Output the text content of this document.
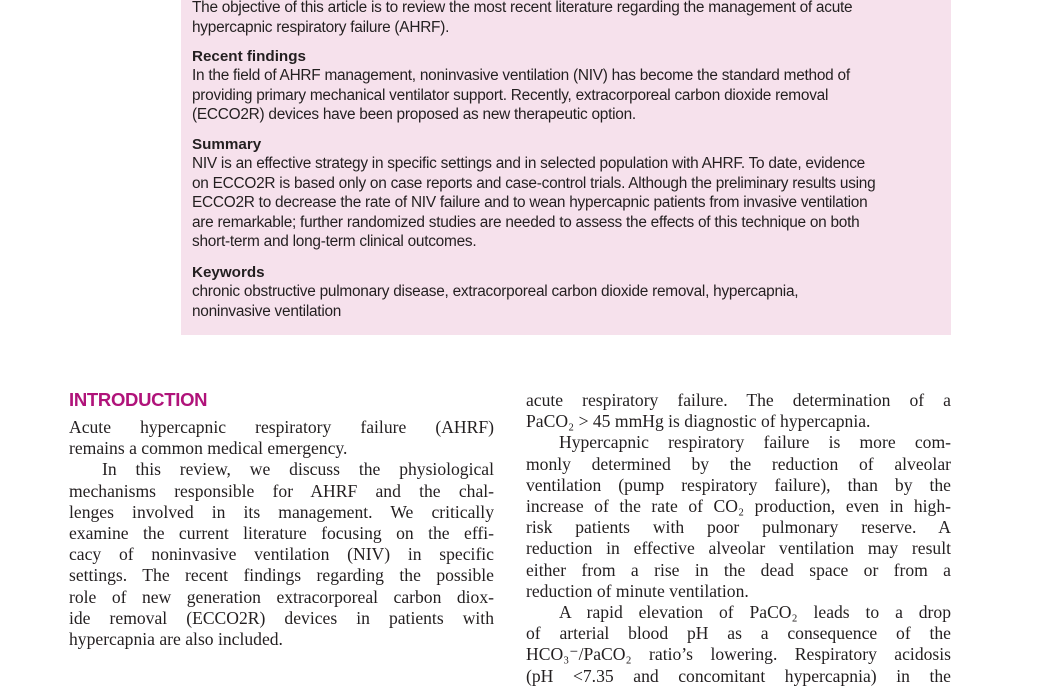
The objective of this article is to review the most recent literature regarding the management of acute
hypercapnic respiratory failure (AHRF).

Recent findings

In the field of AHRF management, noninvasive ventilation (NIV) has become the standard method of
providing primary mechanical ventilator support. Recently, extracorporeal carbon dioxide removal
(ECCO2R) devices have been proposed as new therapeutic option.

Summary

NIV is an effective strategy in specific settings and in selected population with AHRF. To date, evidence
on ECCO2R is based only on case reports and case-control trials. Although the preliminary results using
ECCO2R to decrease the rate of NIV failure and to wean hypercapnic patients from invasive ventilation
are remarkable; further randomized studies are needed to assess the effects of this technique on both
short-term and long-term clinical outcomes.

Keywords

chronic obstructive pulmonary disease, extracorporeal carbon dioxide removal, hypercapnia,
noninvasive ventilation

INTRODUCTION
Acute hypercapnic respiratory failure (AHRF)
remains a common medical emergency.
In this review, we discuss the physiological
mechanisms responsible for AHRF and the chal-
lenges involved in its management. We critically
examine the current literature focusing on the effi-
cacy of noninvasive ventilation (NIV) in specific
settings. The recent findings regarding the possible
role of new generation extracorporeal carbon diox-
ide removal (ECCO2R) devices in patients with
hypercapnia are also included.
acute respiratory failure. The determination of a
PaCO₂ > 45 mmHg is diagnostic of hypercapnia.
Hypercapnic respiratory failure is more com-
monly determined by the reduction of alveolar
ventilation (pump respiratory failure), than by the
increase of the rate of CO₂ production, even in high-
risk patients with poor pulmonary reserve. A
reduction in effective alveolar ventilation may result
either from a rise in the dead space or from a
reduction of minute ventilation.
A rapid elevation of PaCO₂ leads to a drop
of arterial blood pH as a consequence of the
HCO₃⁻/PaCO₂ ratio’s lowering. Respiratory acidosis
(pH <7.35 and concomitant hypercapnia) in the
